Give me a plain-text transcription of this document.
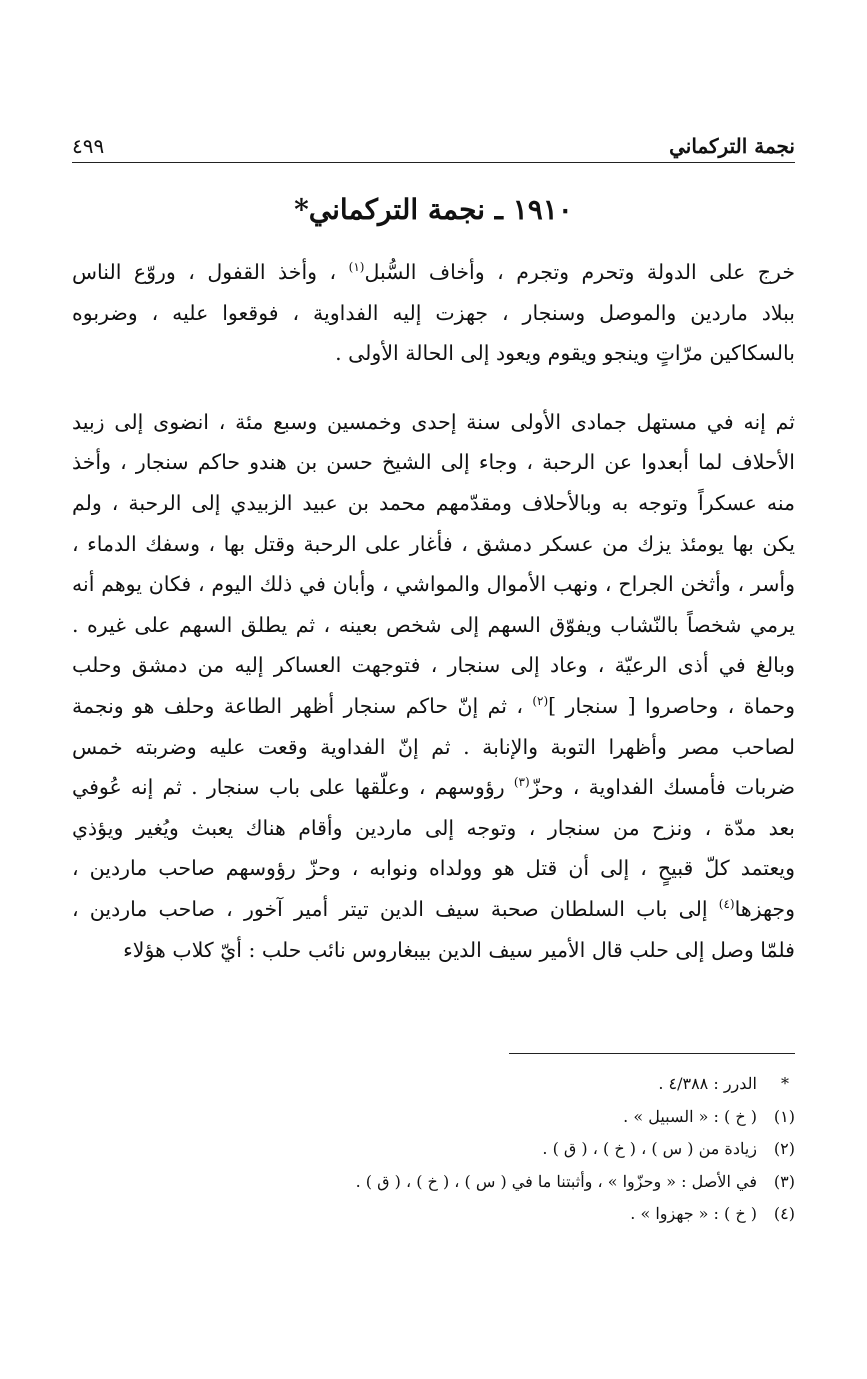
نجمة التركماني
٤٩٩
١٩١٠ ـ نجمة التركماني*

خرج على الدولة وتحرم وتجرم ، وأخاف السُّبل$^{(١)}$ ، وأخذ القفول ، وروّع الناس
ببلاد ماردين والموصل وسنجار ، جهزت إليه الفداوية ، فوقعوا عليه ، وضربوه
بالسكاكين مرّاتٍ وينجو ويقوم ويعود إلى الحالة الأولى .

ثم إنه في مستهل جمادى الأولى سنة إحدى وخمسين وسبع مئة ، انضوى إلى زبيد
الأحلاف لما أبعدوا عن الرحبة ، وجاء إلى الشيخ حسن بن هندو حاكم سنجار ، وأخذ
منه عسكراً وتوجه به وبالأحلاف ومقدّمهم محمد بن عبيد الزبيدي إلى الرحبة ، ولم
يكن بها يومئذ يزك من عسكر دمشق ، فأغار على الرحبة وقتل بها ، وسفك الدماء ،
وأسر ، وأثخن الجراح ، ونهب الأموال والمواشي ، وأبان في ذلك اليوم ، فكان يوهم أنه
يرمي شخصاً بالنّشاب ويفوّق السهم إلى شخص بعينه ، ثم يطلق السهم على غيره .
وبالغ في أذى الرعيّة ، وعاد إلى سنجار ، فتوجهت العساكر إليه من دمشق وحلب
وحماة ، وحاصروا [ سنجار ]$^{(٢)}$ ، ثم إنّ حاكم سنجار أظهر الطاعة وحلف هو ونجمة
لصاحب مصر وأظهرا التوبة والإنابة . ثم إنّ الفداوية وقعت عليه وضربته خمس
ضربات فأمسك الفداوية ، وحزّ$^{(٣)}$ رؤوسهم ، وعلّقها على باب سنجار . ثم إنه عُوفي
بعد مدّة ، ونزح من سنجار ، وتوجه إلى ماردين وأقام هناك يعبث ويُغير ويؤذي
ويعتمد كلّ قبيحٍ ، إلى أن قتل هو وولداه ونوابه ، وحزّ رؤوسهم صاحب ماردين ،
وجهزها$^{(٤)}$ إلى باب السلطان صحبة سيف الدين تيتر أمير آخور ، صاحب ماردين ،
فلمّا وصل إلى حلب قال الأمير سيف الدين بيبغاروس نائب حلب : أيّ كلاب هؤلاء

*
الدرر : ٤/٣٨٨ .
(١)
( خ ) : « السبيل » .
(٢)
زيادة من ( س ) ، ( خ ) ، ( ق ) .
(٣)
في الأصل : « وحزّوا » ، وأثبتنا ما في ( س ) ، ( خ ) ، ( ق ) .
(٤)
( خ ) : « جهزوا » .
